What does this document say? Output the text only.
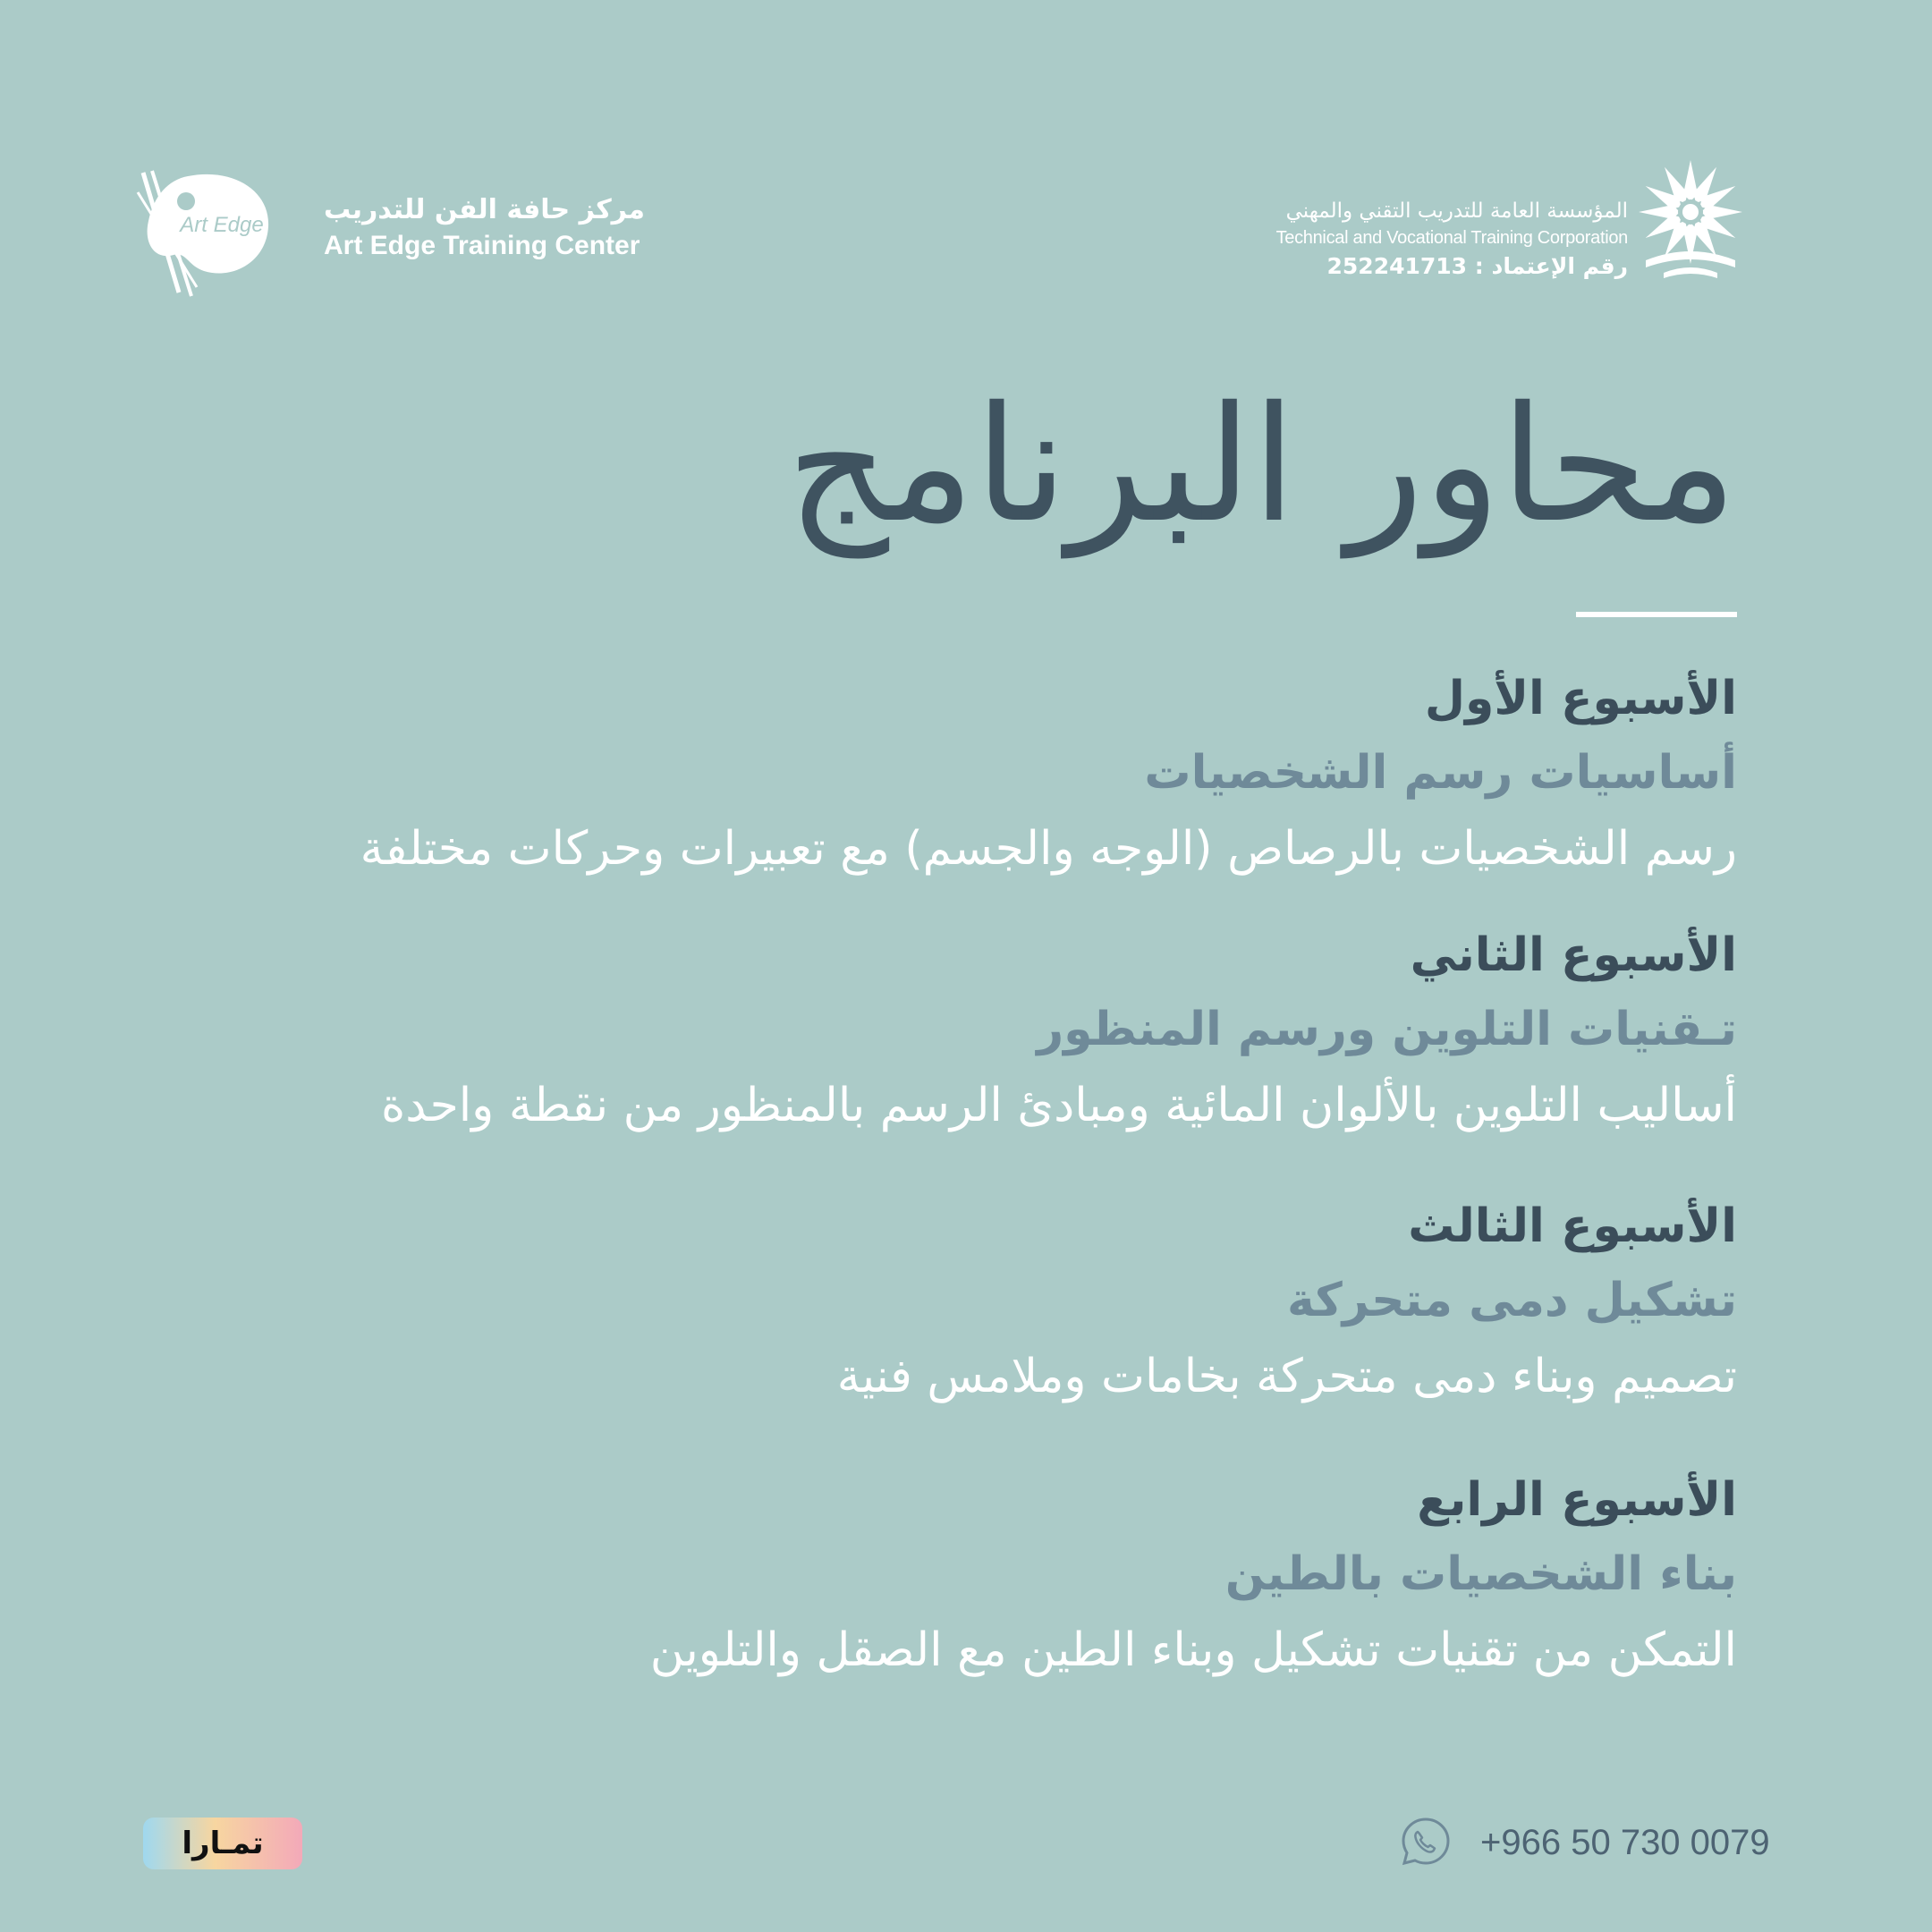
Art Edge مركز حافة الفن للتدريب
Art Edge Training Center
المؤسسة العامة للتدريب التقني والمهني
Technical and Vocational Training Corporation
رقم الإعتماد : 252241713
محاور البرنامج
الأسبوع الأول
أساسيات رسم الشخصيات
رسم الشخصيات بالرصاص (الوجه والجسم) مع تعبيرات وحركات مختلفة
الأسبوع الثاني
تـقنيات التلوين ورسم المنظور
أساليب التلوين بالألوان المائية ومبادئ الرسم بالمنظور من نقطة واحدة
الأسبوع الثالث
تشكيل دمى متحركة
تصميم وبناء دمى متحركة بخامات وملامس فنية
الأسبوع الرابع
بناء الشخصيات بالطين
التمكن من تقنيات تشكيل وبناء الطين مع الصقل والتلوين
تمـارا	+966 50 730 0079
